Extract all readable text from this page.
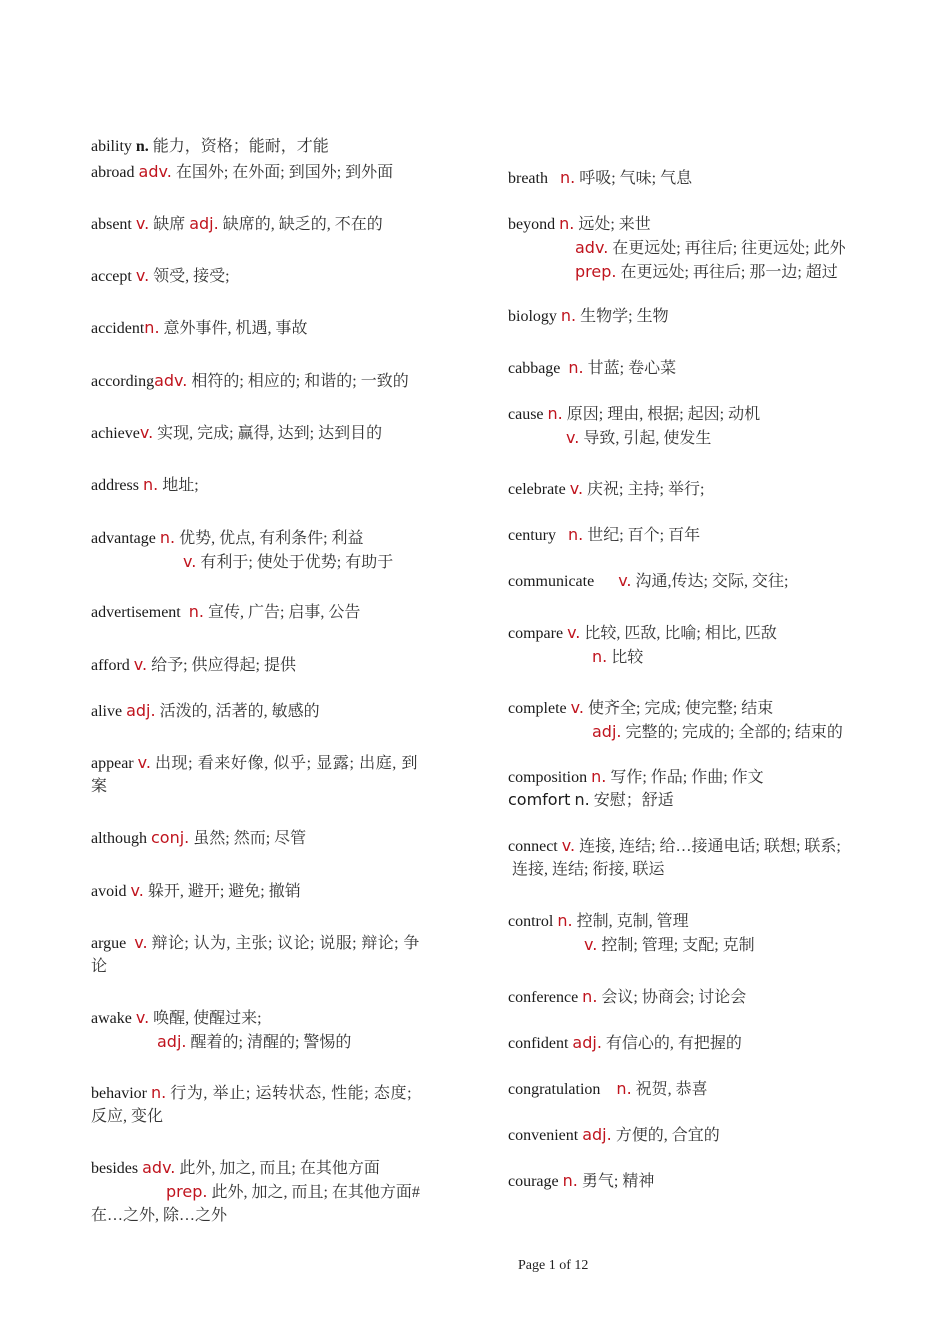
ability n. 能力，资格；能耐，才能
abroad adv. 在国外; 在外面; 到国外; 到外面
absent v. 缺席 adj. 缺席的, 缺乏的, 不在的
accept v. 领受, 接受;
accidentn. 意外事件, 机遇, 事故
accordingadv. 相符的; 相应的; 和谐的; 一致的
achievev. 实现, 完成; 赢得, 达到; 达到目的
address n. 地址;
advantage n. 优势, 优点, 有利条件; 利益
v. 有利于; 使处于优势; 有助于
advertisement n. 宣传, 广告; 启事, 公告
afford v. 给予; 供应得起; 提供
alive adj. 活泼的, 活著的, 敏感的
appear v. 出现; 看来好像, 似乎; 显露; 出庭, 到
案
although conj. 虽然; 然而; 尽管
avoid v. 躲开, 避开; 避免; 撤销
argue v. 辩论; 认为, 主张; 议论; 说服; 辩论; 争
论
awake v. 唤醒, 使醒过来;
adj. 醒着的; 清醒的; 警惕的
behavior n. 行为, 举止; 运转状态, 性能; 态度;
反应, 变化
besides adv. 此外, 加之, 而且; 在其他方面
prep. 此外, 加之, 而且; 在其他方面#
在…之外, 除…之外
breath n. 呼吸; 气味; 气息
beyond n. 远处; 来世
adv. 在更远处; 再往后; 往更远处; 此外
prep. 在更远处; 再往后; 那一边; 超过
biology n. 生物学; 生物
cabbage n. 甘蓝; 卷心菜
cause n. 原因; 理由, 根据; 起因; 动机
v. 导致, 引起, 使发生
celebrate v. 庆祝; 主持; 举行;
century n. 世纪; 百个; 百年
communicate v. 沟通,传达; 交际, 交往;
compare v. 比较, 匹敌, 比喻; 相比, 匹敌
n. 比较
complete v. 使齐全; 完成; 使完整; 结束
adj. 完整的; 完成的; 全部的; 结束的
composition n. 写作; 作品; 作曲; 作文
comfort n. 安慰；舒适
connect v. 连接, 连结; 给…接通电话; 联想; 联系;
连接, 连结; 衔接, 联运
control n. 控制, 克制, 管理
v. 控制; 管理; 支配; 克制
conference n. 会议; 协商会; 讨论会
confident adj. 有信心的, 有把握的
congratulation n. 祝贺, 恭喜
convenient adj. 方便的, 合宜的
courage n. 勇气; 精神
Page 1 of 12
